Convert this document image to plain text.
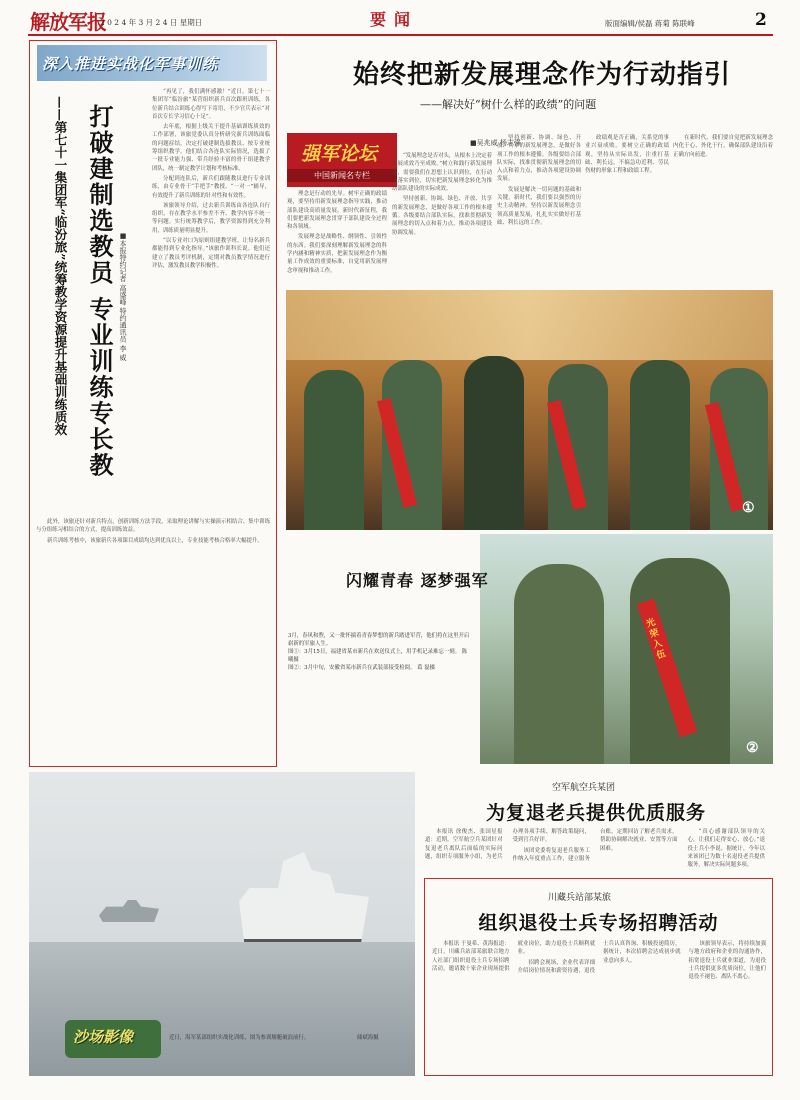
解放军报
2 0 2 4 年 3 月 2 4 日 星期日	要闻	版面编辑/侯磊 蒋菊 陈联峰	2
深入推进实战化军事训练
打破建制选教员 专业训练专长教
——第七十一集团军“临汾旅”统筹教学资源提升基础训练质效	■本报特约记者 高盛峰 特约通讯员 李 威

“再见了，我们满怀感激！”近日，第七十一集团军“临汾旅”某营组织新兵首次跟班训练，各位新兵结合训练心得写下寄语，不少官兵表示“对首次专长学习信心十足”。

去年底，根据上级关于提升基础训练质效的工作部署，该旅党委认真分析研究新兵训练面临的问题症结，决定打破建制选拔教员、按专业统筹组织教学。他们结合各连队实际情况，选拔了一批专业能力强、带兵经验丰富的骨干组建教学团队，统一制定教学计划和考核标准。

分配到连队后，新兵们跟随教员进行专业训练，由专业骨干“手把手”教授、“一对一”辅导，有效提升了新兵训练的针对性和有效性。

该旅领导介绍，过去新兵训练由各连队自行组织，存在教学水平参差不齐、教学内容不统一等问题。实行统筹教学后，教学资源得到充分利用，训练质量明显提升。

“以专业对口为原则组建教学班，让每名新兵都能得到专业化指导。”该旅作训科长说。他们还建立了教员考评机制，定期对教员教学情况进行评估，激发教员教学积极性。

此外，该旅还针对新兵特点，创新训练方法手段，采取理论讲解与实操演示相结合、集中训练与分组练习相结合的方式，提高训练效益。

新兵训练考核中，该旅新兵各项课目成绩均达到优良以上，专业技能考核合格率大幅提升。

始终把新发展理念作为行动指引
——解决好“树什么样的政绩”的问题
强军论坛
中国新闻名专栏
■吴兆威 杨志强

理念是行动的先导。树牢正确的政绩观，要坚持用新发展理念指导实践，推动部队建设高质量发展。新时代新征程，我们要把新发展理念贯穿于部队建设全过程和各领域。

发展理念是战略性、纲领性、引领性的东西。我们要深刻理解新发展理念的科学内涵和精神实质，把新发展理念作为衡量工作成效的重要标准，自觉用新发展理念审视和推动工作。

“发展理念是否对头，从根本上决定着发展成效乃至成败。”树立和践行新发展理念，需要我们在思想上认识到位，在行动上落实到位，切实把新发展理念转化为推动部队建设的实际成效。

坚持创新、协调、绿色、开放、共享的新发展理念，是做好各项工作的根本遵循。各级要结合部队实际，找准贯彻新发展理念的切入点和着力点，推动各项建设协调发展。

坚持创新、协调、绿色、开放、共享的新发展理念，是做好各项工作的根本遵循。各级要结合部队实际，找准贯彻新发展理念的切入点和着力点，推动各项建设协调发展。

发展是解决一切问题的基础和关键。新时代，我们要以强烈的历史主动精神，坚持以新发展理念引领高质量发展，扎扎实实做好打基础、利长远的工作。

政绩观是否正确，关系党的事业兴衰成败。要树立正确的政绩观，坚持从实际出发，注重打基础、利长远，不搞急功近利、劳民伤财的形象工程和政绩工程。

在新时代，我们要自觉把新发展理念内化于心、外化于行，确保部队建设沿着正确方向前进。

①
光荣入伍
②
闪耀青春 逐梦强军
3月，春风和煦，又一批怀揣着青春梦想的新兵踏进军营，他们将在这里开启崭新的军旅人生。
图①：3月15日，福建省某市新兵在欢送仪式上，用手机记录难忘一刻。 陈 曦摄
图②：3月中旬，安徽省某市新兵在武装部接受检阅。 葛 磊摄
沙场影像	近日，海军某部组织实战化训练，图为参训舰艇破浪前行。	储斌海摄
空军航空兵某团
为复退老兵提供优质服务

本报讯 徐俊杰、张国星报道：近期，空军航空兵某团针对复退老兵离队后面临的实际问题，组织专项服务小组，为老兵办理各项手续、解答政策疑问，受到官兵好评。

该团党委将复退老兵服务工作纳入年度重点工作，建立服务台账，定期回访了解老兵需求，帮助协调解决就业、安置等方面困难。

“真心感谢部队领导的关心，让我们走得安心、放心。”退役士兵小李说。据统计，今年以来该团已为数十名退役老兵提供服务，解决实际问题多项。

川藏兵站部某旅
组织退役士兵专场招聘活动

本报讯 于曼希、黄海报道：近日，川藏兵站部某旅联合地方人社部门组织退役士兵专场招聘活动，邀请数十家企业现场提供就业岗位，助力退役士兵顺利就业。

招聘会现场，企业代表详细介绍岗位情况和薪资待遇，退役士兵认真咨询、积极投递简历。据统计，本次招聘会达成初步就业意向多人。

该旅领导表示，将持续加强与地方政府和企业的沟通协作，拓宽退役士兵就业渠道，为退役士兵提供更多优质岗位，让他们退役不褪色、离队不离心。
